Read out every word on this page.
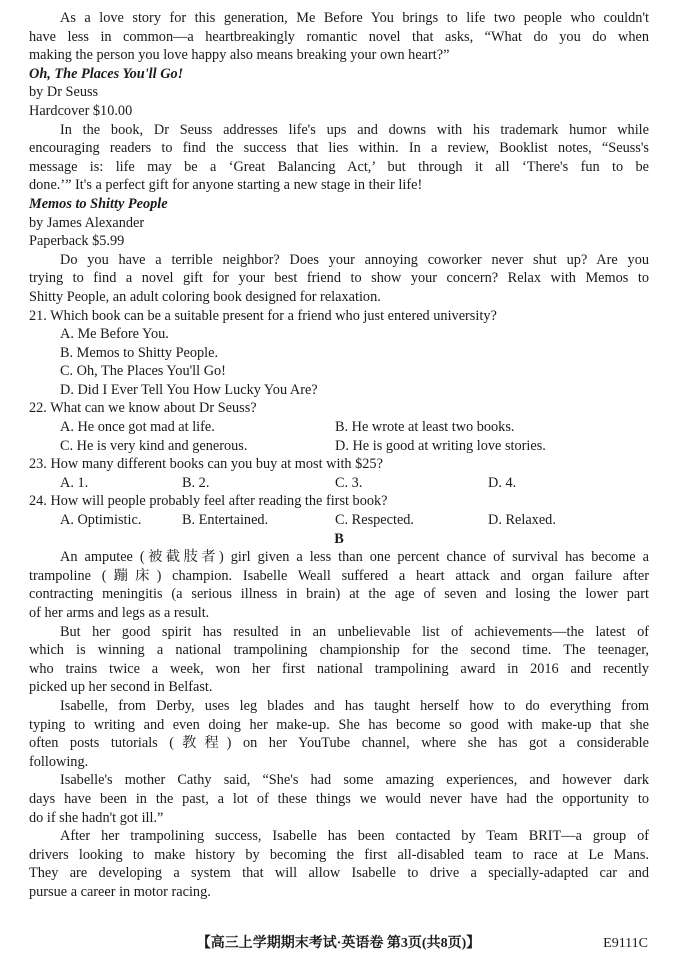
As a love story for this generation, Me Before You brings to life two people who couldn't
have less in common—a heartbreakingly romantic novel that asks, “What do you do when
making the person you love happy also means breaking your own heart?”
Oh, The Places You'll Go!
by Dr Seuss
Hardcover $10.00
In the book, Dr Seuss addresses life's ups and downs with his trademark humor while
encouraging readers to find the success that lies within. In a review, Booklist notes, “Seuss's
message is: life may be a ‘Great Balancing Act,’ but through it all ‘There's fun to be
done.’” It's a perfect gift for anyone starting a new stage in their life!
Memos to Shitty People
by James Alexander
Paperback $5.99
Do you have a terrible neighbor? Does your annoying coworker never shut up? Are you
trying to find a novel gift for your best friend to show your concern? Relax with Memos to
Shitty People, an adult coloring book designed for relaxation.
21. Which book can be a suitable present for a friend who just entered university?
A. Me Before You.
B. Memos to Shitty People.
C. Oh, The Places You'll Go!
D. Did I Ever Tell You How Lucky You Are?
22. What can we know about Dr Seuss?
A. He once got mad at life.	B. He wrote at least two books.
C. He is very kind and generous.	D. He is good at writing love stories.
23. How many different books can you buy at most with $25?
A. 1.	B. 2.	C. 3.	D. 4.
24. How will people probably feel after reading the first book?
A. Optimistic.	B. Entertained.	C. Respected.	D. Relaxed.
B
An amputee (被截肢者) girl given a less than one percent chance of survival has become a
trampoline (蹦床) champion. Isabelle Weall suffered a heart attack and organ failure after
contracting meningitis (a serious illness in brain) at the age of seven and losing the lower part
of her arms and legs as a result.
But her good spirit has resulted in an unbelievable list of achievements—the latest of
which is winning a national trampolining championship for the second time. The teenager,
who trains twice a week, won her first national trampolining award in 2016 and recently
picked up her second in Belfast.
Isabelle, from Derby, uses leg blades and has taught herself how to do everything from
typing to writing and even doing her make-up. She has become so good with make-up that she
often posts tutorials (教程) on her YouTube channel, where she has got a considerable
following.
Isabelle's mother Cathy said, “She's had some amazing experiences, and however dark
days have been in the past, a lot of these things we would never have had the opportunity to
do if she hadn't got ill.”
After her trampolining success, Isabelle has been contacted by Team BRIT—a group of
drivers looking to make history by becoming the first all-disabled team to race at Le Mans.
They are developing a system that will allow Isabelle to drive a specially-adapted car and
pursue a career in motor racing.
【高三上学期期末考试·英语卷 第3页(共8页)】	E9111C
